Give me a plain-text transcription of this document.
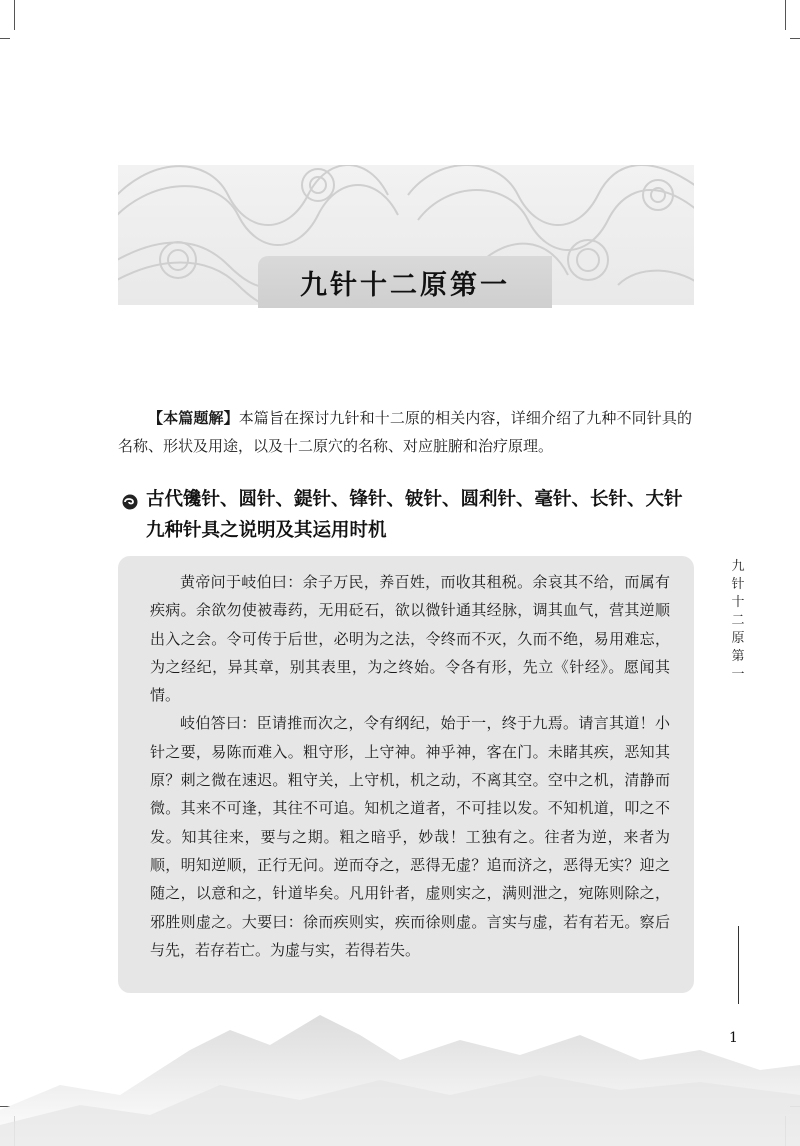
九针十二原第一
【本篇题解】本篇旨在探讨九针和十二原的相关内容，详细介绍了九种不同针具的名称、形状及用途，以及十二原穴的名称、对应脏腑和治疗原理。
古代镵针、圆针、鍉针、锋针、铍针、圆利针、毫针、长针、大针九种针具之说明及其运用时机

黄帝问于岐伯曰：余子万民，养百姓，而收其租税。余哀其不给，而属有疾病。余欲勿使被毒药，无用砭石，欲以微针通其经脉，调其血气，营其逆顺出入之会。令可传于后世，必明为之法，令终而不灭，久而不绝，易用难忘，为之经纪，异其章，别其表里，为之终始。令各有形，先立《针经》。愿闻其情。

岐伯答曰：臣请推而次之，令有纲纪，始于一，终于九焉。请言其道！小针之要，易陈而难入。粗守形，上守神。神乎神，客在门。未睹其疾，恶知其原？刺之微在速迟。粗守关，上守机，机之动，不离其空。空中之机，清静而微。其来不可逢，其往不可追。知机之道者，不可挂以发。不知机道，叩之不发。知其往来，要与之期。粗之暗乎，妙哉！工独有之。往者为逆，来者为顺，明知逆顺，正行无问。逆而夺之，恶得无虚？追而济之，恶得无实？迎之随之，以意和之，针道毕矣。凡用针者，虚则实之，满则泄之，宛陈则除之，邪胜则虚之。大要曰：徐而疾则实，疾而徐则虚。言实与虚，若有若无。察后与先，若存若亡。为虚与实，若得若失。

九
针
十
二
原
第
一
1
